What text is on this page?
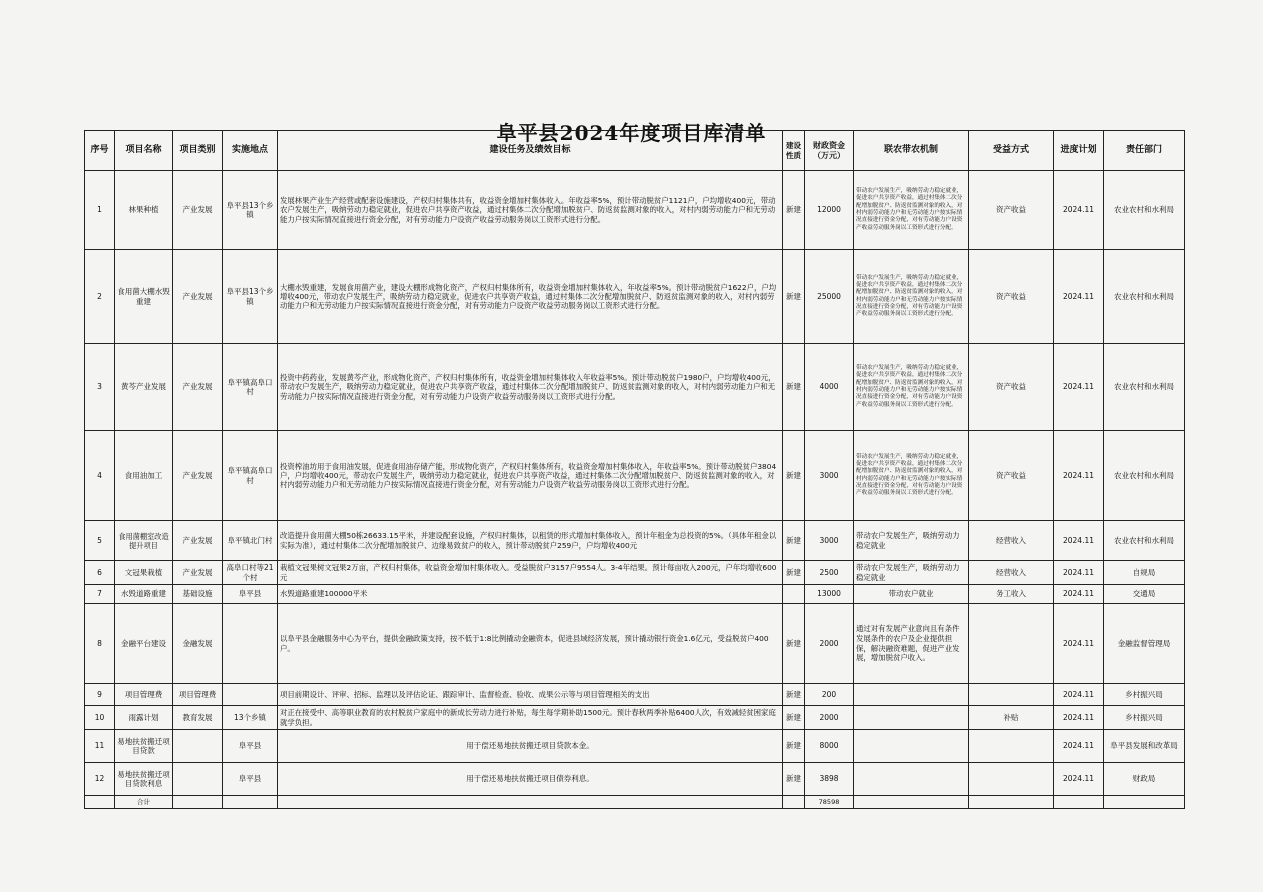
阜平县2024年度项目库清单
序号	项目名称	项目类别	实施地点	建设任务及绩效目标	建设性质	财政资金（万元）	联农带农机制	受益方式	进度计划	责任部门
1	林果种植	产业发展	阜平县13个乡镇	发展林果产业生产经营或配套设施建设，产权归村集体共有，收益资金增加村集体收入。年收益率5%，预计带动脱贫户1121户，户均增收400元，带动农户发展生产，吸纳劳动力稳定就业，促进农户共享资产收益，通过村集体二次分配增加脱贫户、防返贫监测对象的收入，对村内弱劳动能力户和无劳动能力户按实际情况直接进行资金分配，对有劳动能力户设资产收益劳动服务岗以工资形式进行分配。	新建	12000	带动农户发展生产，吸纳劳动力稳定就业，促进农户共享资产收益，通过村集体二次分配增加脱贫户、防返贫监测对象的收入，对村内弱劳动能力户和无劳动能力户按实际情况直接进行资金分配，对有劳动能力户设资产收益劳动服务岗以工资形式进行分配。	资产收益	2024.11	农业农村和水利局
2	食用菌大棚水毁重建	产业发展	阜平县13个乡镇	大棚水毁重建，发展食用菌产业，建设大棚形成物化资产，产权归村集体所有，收益资金增加村集体收入，年收益率5%。预计带动脱贫户1622户，户均增收400元，带动农户发展生产，吸纳劳动力稳定就业，促进农户共享资产收益，通过村集体二次分配增加脱贫户、防返贫监测对象的收入，对村内弱劳动能力户和无劳动能力户按实际情况直接进行资金分配，对有劳动能力户设资产收益劳动服务岗以工资形式进行分配。	新建	25000	带动农户发展生产，吸纳劳动力稳定就业，促进农户共享资产收益，通过村集体二次分配增加脱贫户、防返贫监测对象的收入，对村内弱劳动能力户和无劳动能力户按实际情况直接进行资金分配，对有劳动能力户设资产收益劳动服务岗以工资形式进行分配。	资产收益	2024.11	农业农村和水利局
3	黄芩产业发展	产业发展	阜平镇高阜口村	投资中药药业，发展黄芩产业，形成物化资产，产权归村集体所有，收益资金增加村集体收入年收益率5%。预计带动脱贫户1980户，户均增收400元，带动农户发展生产，吸纳劳动力稳定就业，促进农户共享资产收益，通过村集体二次分配增加脱贫户、防返贫监测对象的收入，对村内弱劳动能力户和无劳动能力户按实际情况直接进行资金分配，对有劳动能力户设资产收益劳动服务岗以工资形式进行分配。	新建	4000	带动农户发展生产，吸纳劳动力稳定就业，促进农户共享资产收益，通过村集体二次分配增加脱贫户、防返贫监测对象的收入，对村内弱劳动能力户和无劳动能力户按实际情况直接进行资金分配，对有劳动能力户设资产收益劳动服务岗以工资形式进行分配。	资产收益	2024.11	农业农村和水利局
4	食用油加工	产业发展	阜平镇高阜口村	投资榨油坊用于食用油发展，促进食用油存储产能，形成物化资产，产权归村集体所有，收益资金增加村集体收入，年收益率5%。预计带动脱贫户3804户，户均增收400元，带动农户发展生产，吸纳劳动力稳定就业，促进农户共享资产收益，通过村集体二次分配增加脱贫户、防返贫监测对象的收入，对村内弱劳动能力户和无劳动能力户按实际情况直接进行资金分配，对有劳动能力户设资产收益劳动服务岗以工资形式进行分配。	新建	3000	带动农户发展生产，吸纳劳动力稳定就业，促进农户共享资产收益，通过村集体二次分配增加脱贫户、防返贫监测对象的收入，对村内弱劳动能力户和无劳动能力户按实际情况直接进行资金分配，对有劳动能力户设资产收益劳动服务岗以工资形式进行分配。	资产收益	2024.11	农业农村和水利局
5	食用菌棚室改造提升项目	产业发展	阜平镇北门村	改造提升食用菌大棚50栋26633.15平米，并建设配套设施，产权归村集体，以租赁的形式增加村集体收入，预计年租金为总投资的5%。（具体年租金以实际为准），通过村集体二次分配增加脱贫户、边缘易致贫户的收入，预计带动脱贫户259户，户均增收400元	新建	3000	带动农户发展生产，吸纳劳动力稳定就业	经营收入	2024.11	农业农村和水利局
6	文冠果栽植	产业发展	高阜口村等21个村	栽植文冠果树文冠果2万亩，产权归村集体，收益资金增加村集体收入。受益脱贫户3157户9554人。3-4年结果。预计每亩收入200元，户年均增收600元	新建	2500	带动农户发展生产，吸纳劳动力稳定就业	经营收入	2024.11	自规局
7	水毁道路重建	基础设施	阜平县	水毁道路重建100000平米		13000	带动农户就业	务工收入	2024.11	交通局
8	金融平台建设	金融发展		以阜平县金融服务中心为平台，提供金融政策支持，按不低于1:8比例撬动金融资本，促进县域经济发展，预计撬动银行资金1.6亿元，受益脱贫户400户。	新建	2000	通过对有发展产业意向且有条件发展条件的农户及企业提供担保，解决融资难题，促进产业发展，增加脱贫户收入。		2024.11	金融监督管理局
9	项目管理费	项目管理费		项目前期设计、评审、招标、监理以及评估论证、跟踪审计、监督检查、验收、成果公示等与项目管理相关的支出	新建	200			2024.11	乡村振兴局
10	雨露计划	教育发展	13个乡镇	对正在接受中、高等职业教育的农村脱贫户家庭中的新成长劳动力进行补贴，每生每学期补助1500元。预计春秋两季补贴6400人次，有效减轻贫困家庭就学负担。	新建	2000		补贴	2024.11	乡村振兴局
11	易地扶贫搬迁项目贷款		阜平县	用于偿还易地扶贫搬迁项目贷款本金。	新建	8000			2024.11	阜平县发展和改革局
12	易地扶贫搬迁项目贷款利息		阜平县	用于偿还易地扶贫搬迁项目债券利息。	新建	3898			2024.11	财政局
	合计					78598				
